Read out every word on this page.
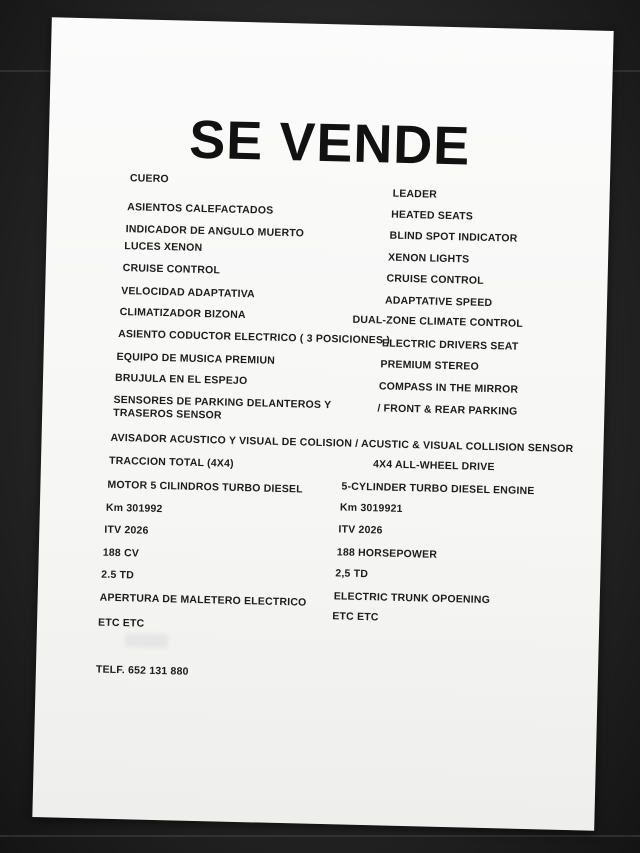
SE VENDE
CUERO
ASIENTOS CALEFACTADOS
INDICADOR DE ANGULO MUERTO
LUCES XENON
CRUISE CONTROL
VELOCIDAD ADAPTATIVA
CLIMATIZADOR BIZONA
ASIENTO CODUCTOR ELECTRICO ( 3 POSICIONES )
EQUIPO DE MUSICA PREMIUN
BRUJULA EN EL ESPEJO
SENSORES DE PARKING DELANTEROS Y TRASEROS SENSOR
AVISADOR ACUSTICO Y VISUAL DE COLISION / ACUSTIC & VISUAL COLLISION SENSOR
TRACCION TOTAL (4X4)
MOTOR 5 CILINDROS TURBO DIESEL
Km 301992
ITV 2026
188 CV
2.5 TD
APERTURA DE MALETERO ELECTRICO
ETC ETC
LEADER
HEATED SEATS
BLIND SPOT INDICATOR
XENON LIGHTS
CRUISE CONTROL
ADAPTATIVE SPEED
DUAL-ZONE CLIMATE CONTROL
ELECTRIC DRIVERS SEAT
PREMIUM STEREO
COMPASS IN THE MIRROR
/ FRONT & REAR PARKING
4X4 ALL-WHEEL DRIVE
5-CYLINDER TURBO DIESEL ENGINE
Km 3019921
ITV 2026
188 HORSEPOWER
2,5 TD
ELECTRIC TRUNK OPOENING
ETC ETC
TELF. 652 131 880
